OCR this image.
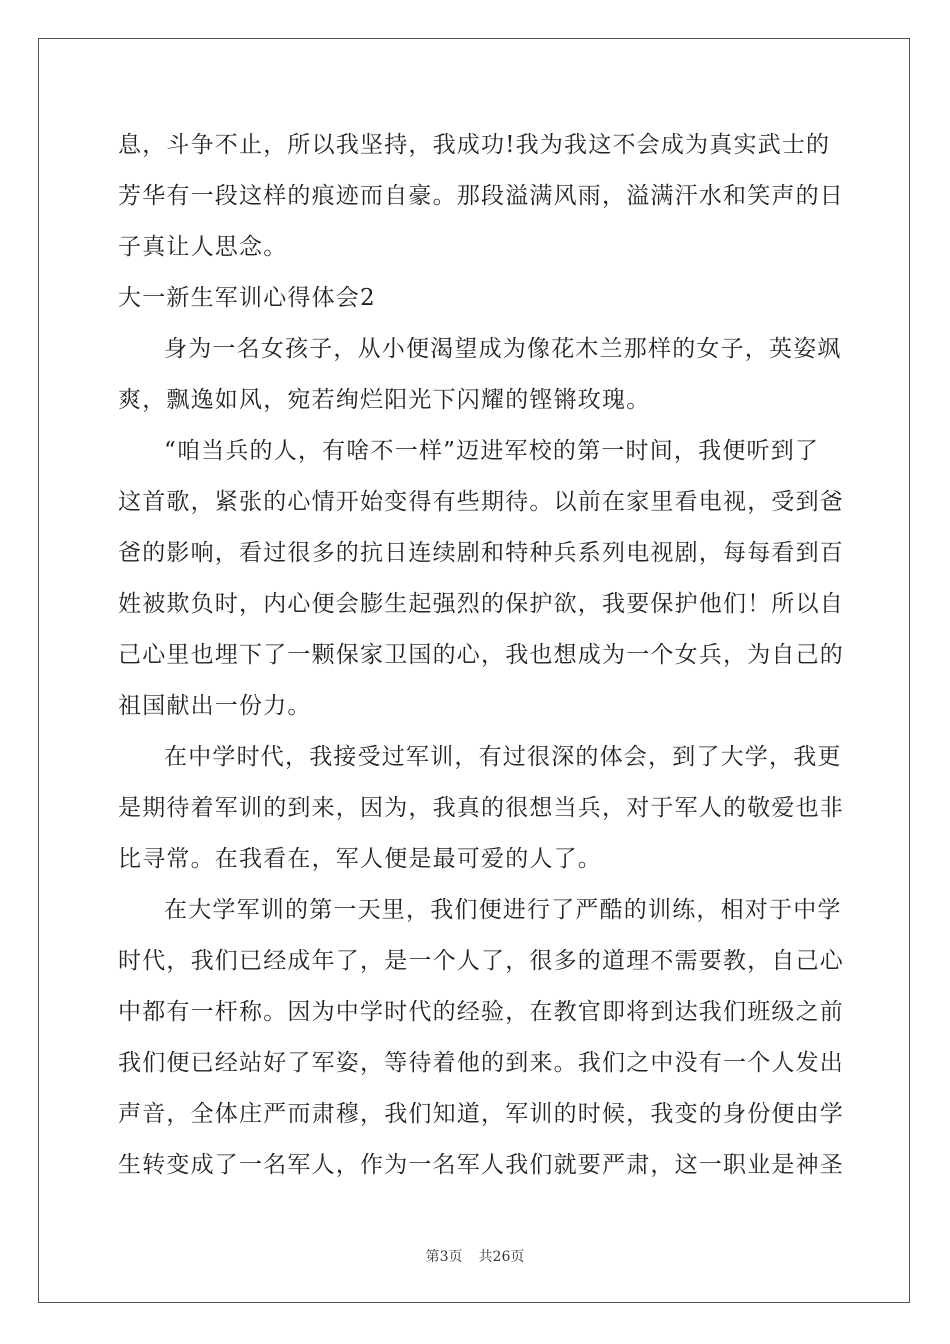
息，斗争不止，所以我坚持，我成功!我为我这不会成为真实武士的
芳华有一段这样的痕迹而自豪。那段溢满风雨，溢满汗水和笑声的日
子真让人思念。
大一新生军训心得体会2
身为一名女孩子，从小便渴望成为像花木兰那样的女子，英姿飒
爽，飘逸如风，宛若绚烂阳光下闪耀的铿锵玫瑰。
“咱当兵的人，有啥不一样”迈进军校的第一时间，我便听到了
这首歌，紧张的心情开始变得有些期待。以前在家里看电视，受到爸
爸的影响，看过很多的抗日连续剧和特种兵系列电视剧，每每看到百
姓被欺负时，内心便会膨生起强烈的保护欲，我要保护他们！所以自
己心里也埋下了一颗保家卫国的心，我也想成为一个女兵，为自己的
祖国献出一份力。
在中学时代，我接受过军训，有过很深的体会，到了大学，我更
是期待着军训的到来，因为，我真的很想当兵，对于军人的敬爱也非
比寻常。在我看在，军人便是最可爱的人了。
在大学军训的第一天里，我们便进行了严酷的训练，相对于中学
时代，我们已经成年了，是一个人了，很多的道理不需要教，自己心
中都有一杆称。因为中学时代的经验，在教官即将到达我们班级之前
我们便已经站好了军姿，等待着他的到来。我们之中没有一个人发出
声音，全体庄严而肃穆，我们知道，军训的时候，我变的身份便由学
生转变成了一名军人，作为一名军人我们就要严肃，这一职业是神圣
第3页 共26页
